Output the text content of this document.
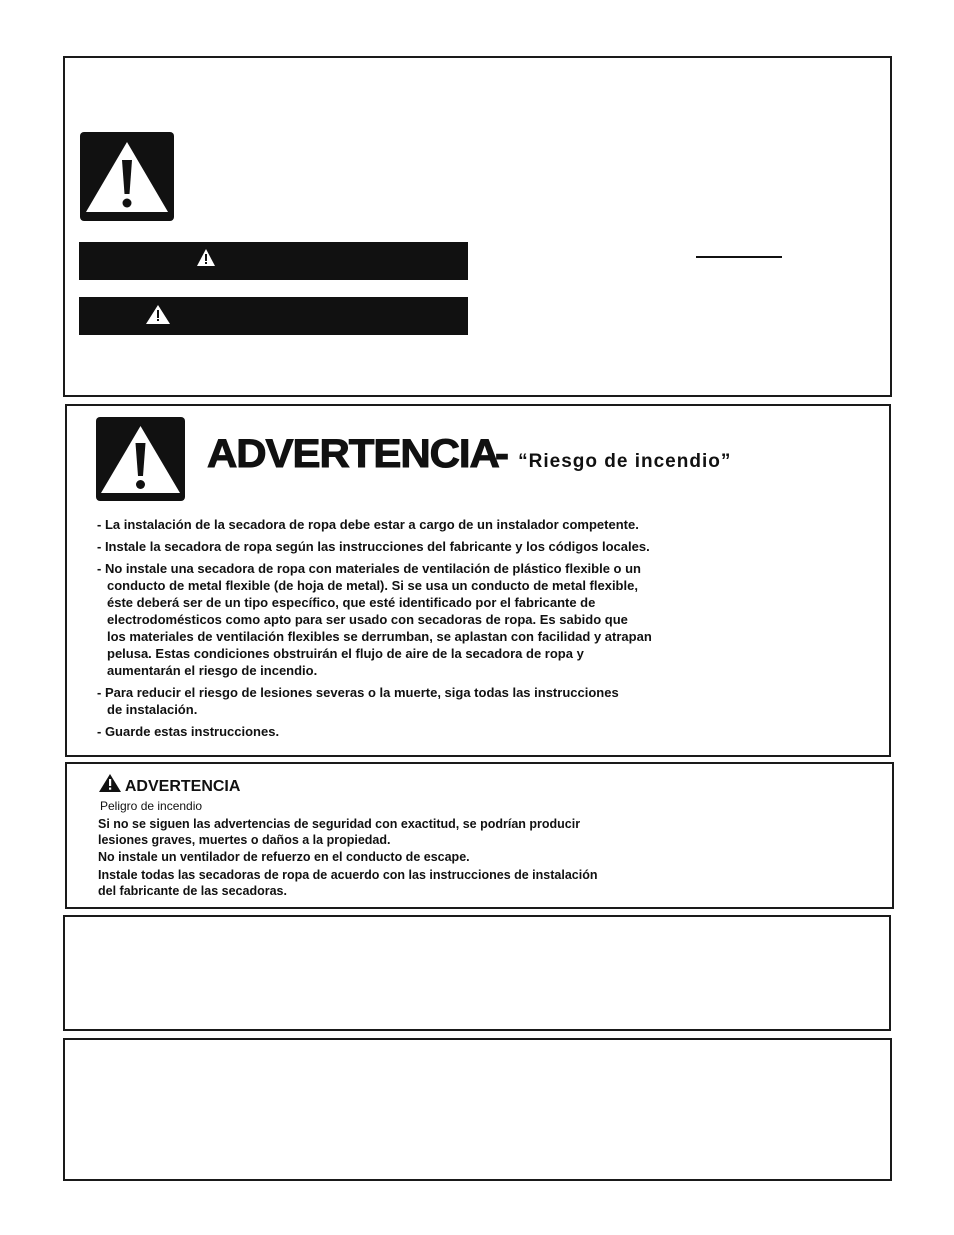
ADVERTENCIA - “Riesgo de incendio”
- La instalación de la secadora de ropa debe estar a cargo de un instalador competente.
- Instale la secadora de ropa según las instrucciones del fabricante y los códigos locales.
- No instale una secadora de ropa con materiales de ventilación de plástico flexible o un
conducto de metal flexible (de hoja de metal). Si se usa un conducto de metal flexible,
éste deberá ser de un tipo específico, que esté identificado por el fabricante de
electrodomésticos como apto para ser usado con secadoras de ropa. Es sabido que
los materiales de ventilación flexibles se derrumban, se aplastan con facilidad y atrapan
pelusa. Estas condiciones obstruirán el flujo de aire de la secadora de ropa y
aumentarán el riesgo de incendio.
- Para reducir el riesgo de lesiones severas o la muerte, siga todas las instrucciones
de instalación.
- Guarde estas instrucciones.
ADVERTENCIA
Peligro de incendio
Si no se siguen las advertencias de seguridad con exactitud, se podrían producir
lesiones graves, muertes o daños a la propiedad.
No instale un ventilador de refuerzo en el conducto de escape.
Instale todas las secadoras de ropa de acuerdo con las instrucciones de instalación
del fabricante de las secadoras.
